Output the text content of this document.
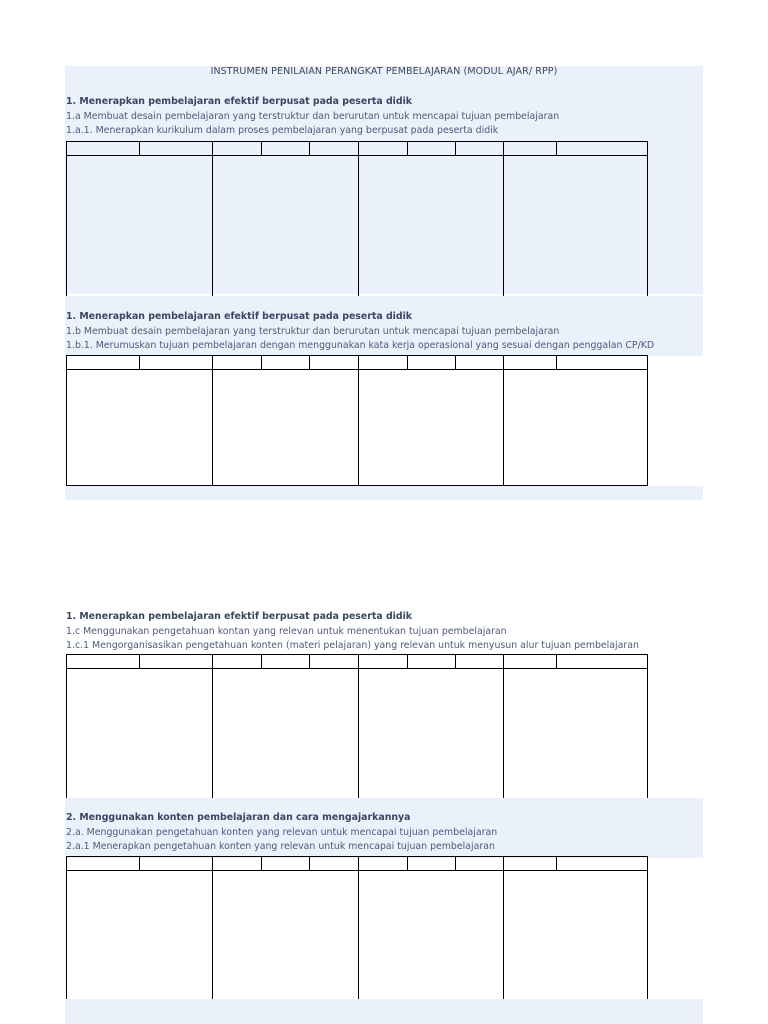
INSTRUMEN PENILAIAN PERANGKAT PEMBELAJARAN (MODUL AJAR/ RPP)
1. Menerapkan pembelajaran efektif berpusat pada peserta didik
1.a Membuat desain pembelajaran yang terstruktur dan berurutan untuk mencapai tujuan pembelajaran
1.a.1. Menerapkan kurikulum dalam proses pembelajaran yang berpusat pada peserta didik
1. Menerapkan pembelajaran efektif berpusat pada peserta didik
1.b Membuat desain pembelajaran yang terstruktur dan berurutan untuk mencapai tujuan pembelajaran
1.b.1. Merumuskan tujuan pembelajaran dengan menggunakan kata kerja operasional yang sesuai dengan penggalan CP/KD
1. Menerapkan pembelajaran efektif berpusat pada peserta didik
1.c Menggunakan pengetahuan kontan yang relevan untuk menentukan tujuan pembelajaran
1.c.1 Mengorganisasikan pengetahuan konten (materi pelajaran) yang relevan untuk menyusun alur tujuan pembelajaran
2. Menggunakan konten pembelajaran dan cara mengajarkannya
2.a. Menggunakan pengetahuan konten yang relevan untuk mencapai tujuan pembelajaran
2.a.1 Menerapkan pengetahuan konten yang relevan untuk mencapai tujuan pembelajaran
